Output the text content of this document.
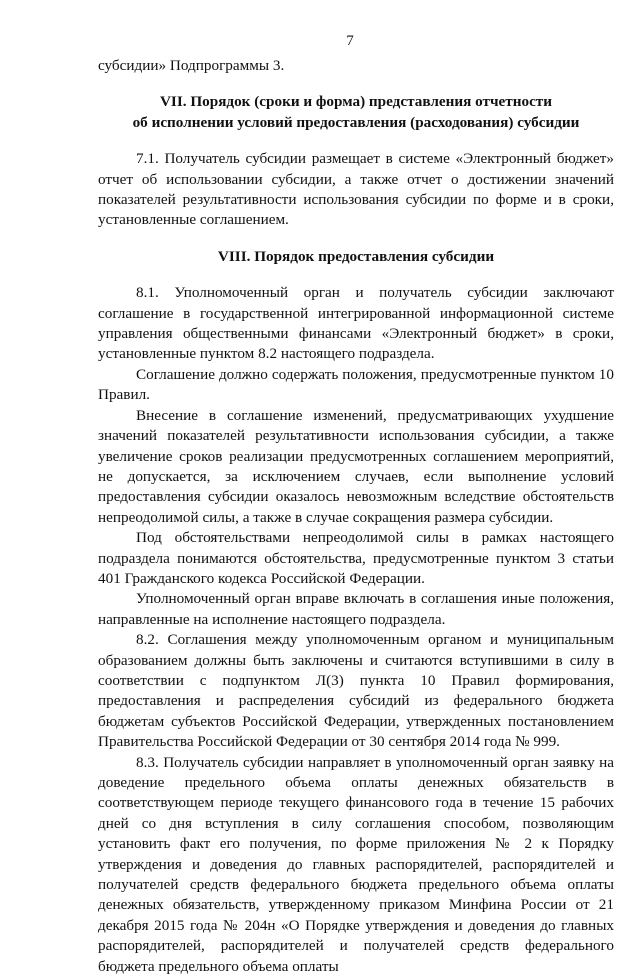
7

субсидии» Подпрограммы 3.

VII. Порядок (сроки и форма) представления отчетности

об исполнении условий предоставления (расходования) субсидии

7.1. Получатель субсидии размещает в системе «Электронный бюджет» отчет об использовании субсидии, а также отчет о достижении значений показателей результативности использования субсидии по форме и в сроки, установленные соглашением.

VIII. Порядок предоставления субсидии

8.1. Уполномоченный орган и получатель субсидии заключают соглашение в государственной интегрированной информационной системе управления общественными финансами «Электронный бюджет» в сроки, установленные пунктом 8.2 настоящего подраздела.

Соглашение должно содержать положения, предусмотренные пунктом 10 Правил.

Внесение в соглашение изменений, предусматривающих ухудшение значений показателей результативности использования субсидии, а также увеличение сроков реализации предусмотренных соглашением мероприятий, не допускается, за исключением случаев, если выполнение условий предоставления субсидии оказалось невозможным вследствие обстоятельств непреодолимой силы, а также в случае сокращения размера субсидии.

Под обстоятельствами непреодолимой силы в рамках настоящего подраздела понимаются обстоятельства, предусмотренные пунктом 3 статьи 401 Гражданского кодекса Российской Федерации.

Уполномоченный орган вправе включать в соглашения иные положения, направленные на исполнение настоящего подраздела.

8.2. Соглашения между уполномоченным органом и муниципальным образованием должны быть заключены и считаются вступившими в силу в соответствии с подпунктом Л(3) пункта 10 Правил формирования, предоставления и распределения субсидий из федерального бюджета бюджетам субъектов Российской Федерации, утвержденных постановлением Правительства Российской Федерации от 30 сентября 2014 года № 999.

8.3. Получатель субсидии направляет в уполномоченный орган заявку на доведение предельного объема оплаты денежных обязательств в соответствующем периоде текущего финансового года в течение 15 рабочих дней со дня вступления в силу соглашения способом, позволяющим установить факт его получения, по форме приложения № 2 к Порядку утверждения и доведения до главных распорядителей, распорядителей и получателей средств федерального бюджета предельного объема оплаты денежных обязательств, утвержденному приказом Минфина России от 21 декабря 2015 года № 204н «О Порядке утверждения и доведения до главных распорядителей, распорядителей и получателей средств федерального бюджета предельного объема оплаты
